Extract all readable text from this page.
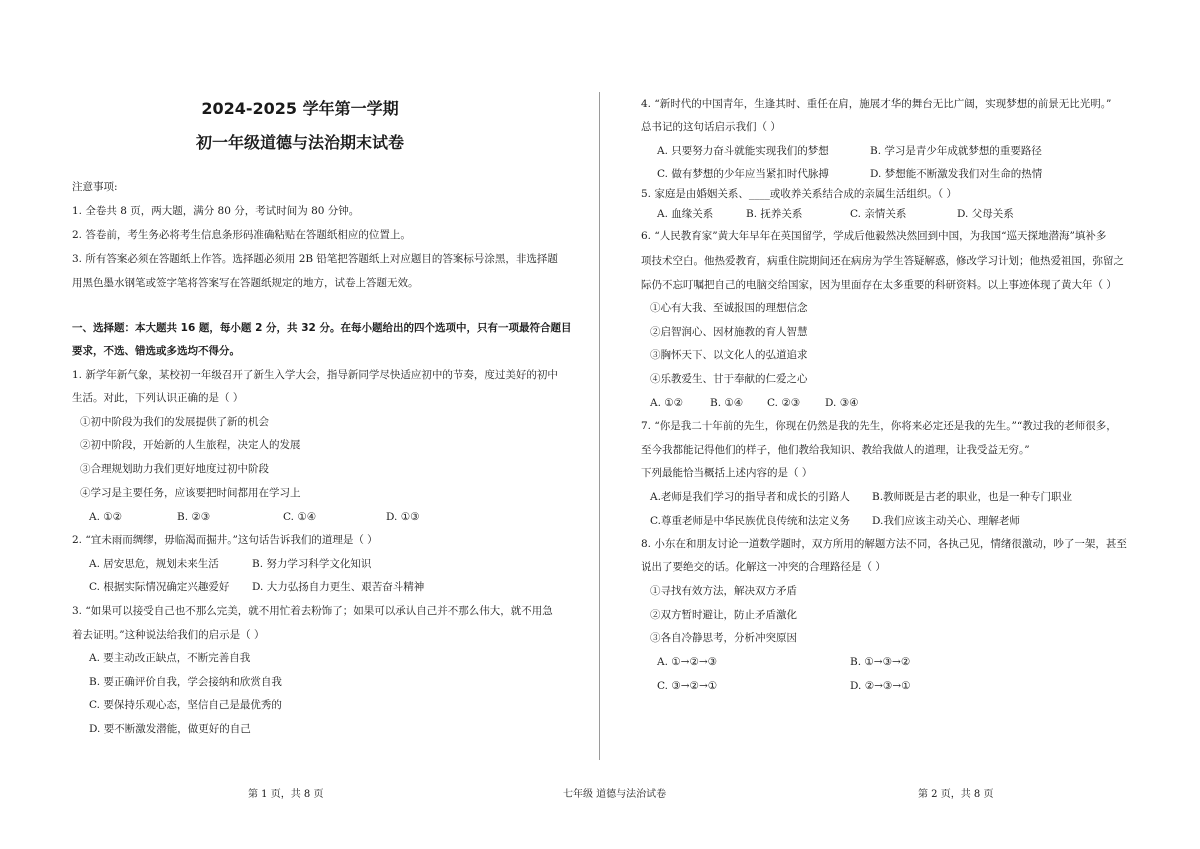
2024-2025 学年第一学期
初一年级道德与法治期末试卷
注意事项:
1. 全卷共 8 页，两大题，满分 80 分，考试时间为 80 分钟。
2. 答卷前，考生务必将考生信息条形码准确粘贴在答题纸相应的位置上。
3. 所有答案必须在答题纸上作答。选择题必须用 2B 铅笔把答题纸上对应题目的答案标号涂黑，非选择题
用黑色墨水钢笔或签字笔将答案写在答题纸规定的地方，试卷上答题无效。
一、选择题：本大题共 16 题，每小题 2 分，共 32 分。在每小题给出的四个选项中，只有一项最符合题目
要求，不选、错选或多选均不得分。
1. 新学年新气象，某校初一年级召开了新生入学大会，指导新同学尽快适应初中的节奏，度过美好的初中
生活。对此，下列认识正确的是（ ）
①初中阶段为我们的发展提供了新的机会
②初中阶段，开始新的人生旅程，决定人的发展
③合理规划助力我们更好地度过初中阶段
④学习是主要任务，应该要把时间都用在学习上
A. ①②	B. ②③	C. ①④	D. ①③
2. “宜未雨而绸缪，毋临渴而掘井。”这句话告诉我们的道理是（ ）
A. 居安思危，规划未来生活	B. 努力学习科学文化知识
C. 根据实际情况确定兴趣爱好 D. 大力弘扬自力更生、艰苦奋斗精神
3. “如果可以接受自己也不那么完美，就不用忙着去粉饰了；如果可以承认自己并不那么伟大，就不用急
着去证明。”这种说法给我们的启示是（ ）
A. 要主动改正缺点，不断完善自我
B. 要正确评价自我，学会接纳和欣赏自我
C. 要保持乐观心态，坚信自己是最优秀的
D. 要不断激发潜能，做更好的自己
4. “新时代的中国青年，生逢其时、重任在肩，施展才华的舞台无比广阔，实现梦想的前景无比光明。”
总书记的这句话启示我们（ ）
A. 只要努力奋斗就能实现我们的梦想	B. 学习是青少年成就梦想的重要路径
C. 做有梦想的少年应当紧扣时代脉搏	D. 梦想能不断激发我们对生命的热情
5. 家庭是由婚姻关系、____或收养关系结合成的亲属生活组织。（ ）
A. 血缘关系	B. 抚养关系	C. 亲情关系	D. 父母关系
6. “人民教育家”黄大年早年在英国留学，学成后他毅然决然回到中国，为我国“巡天探地潜海”填补多
项技术空白。他热爱教育，病重住院期间还在病房为学生答疑解惑，修改学习计划；他热爱祖国，弥留之
际仍不忘叮嘱把自己的电脑交给国家，因为里面存在太多重要的科研资料。以上事迹体现了黄大年（ ）
①心有大我、至诚报国的理想信念
②启智润心、因材施教的育人智慧
③胸怀天下、以文化人的弘道追求
④乐教爱生、甘于奉献的仁爱之心
A. ①②	B. ①④ C. ②③ D. ③④
7. “你是我二十年前的先生，你现在仍然是我的先生，你将来必定还是我的先生。”“教过我的老师很多，
至今我都能记得他们的样子，他们教给我知识、教给我做人的道理，让我受益无穷。”
下列最能恰当概括上述内容的是（ ）
A.老师是我们学习的指导者和成长的引路人 B.教师既是古老的职业，也是一种专门职业
C.尊重老师是中华民族优良传统和法定义务 D.我们应该主动关心、理解老师
8. 小东在和朋友讨论一道数学题时，双方所用的解题方法不同，各执己见，情绪很激动，吵了一架，甚至
说出了要绝交的话。化解这一冲突的合理路径是（ ）
①寻找有效方法，解决双方矛盾
②双方暂时避让，防止矛盾激化
③各自冷静思考，分析冲突原因
A. ①→②→③	B. ①→③→②
C. ③→②→①	D. ②→③→①
第 1 页，共 8 页	七年级 道德与法治试卷	第 2 页，共 8 页
